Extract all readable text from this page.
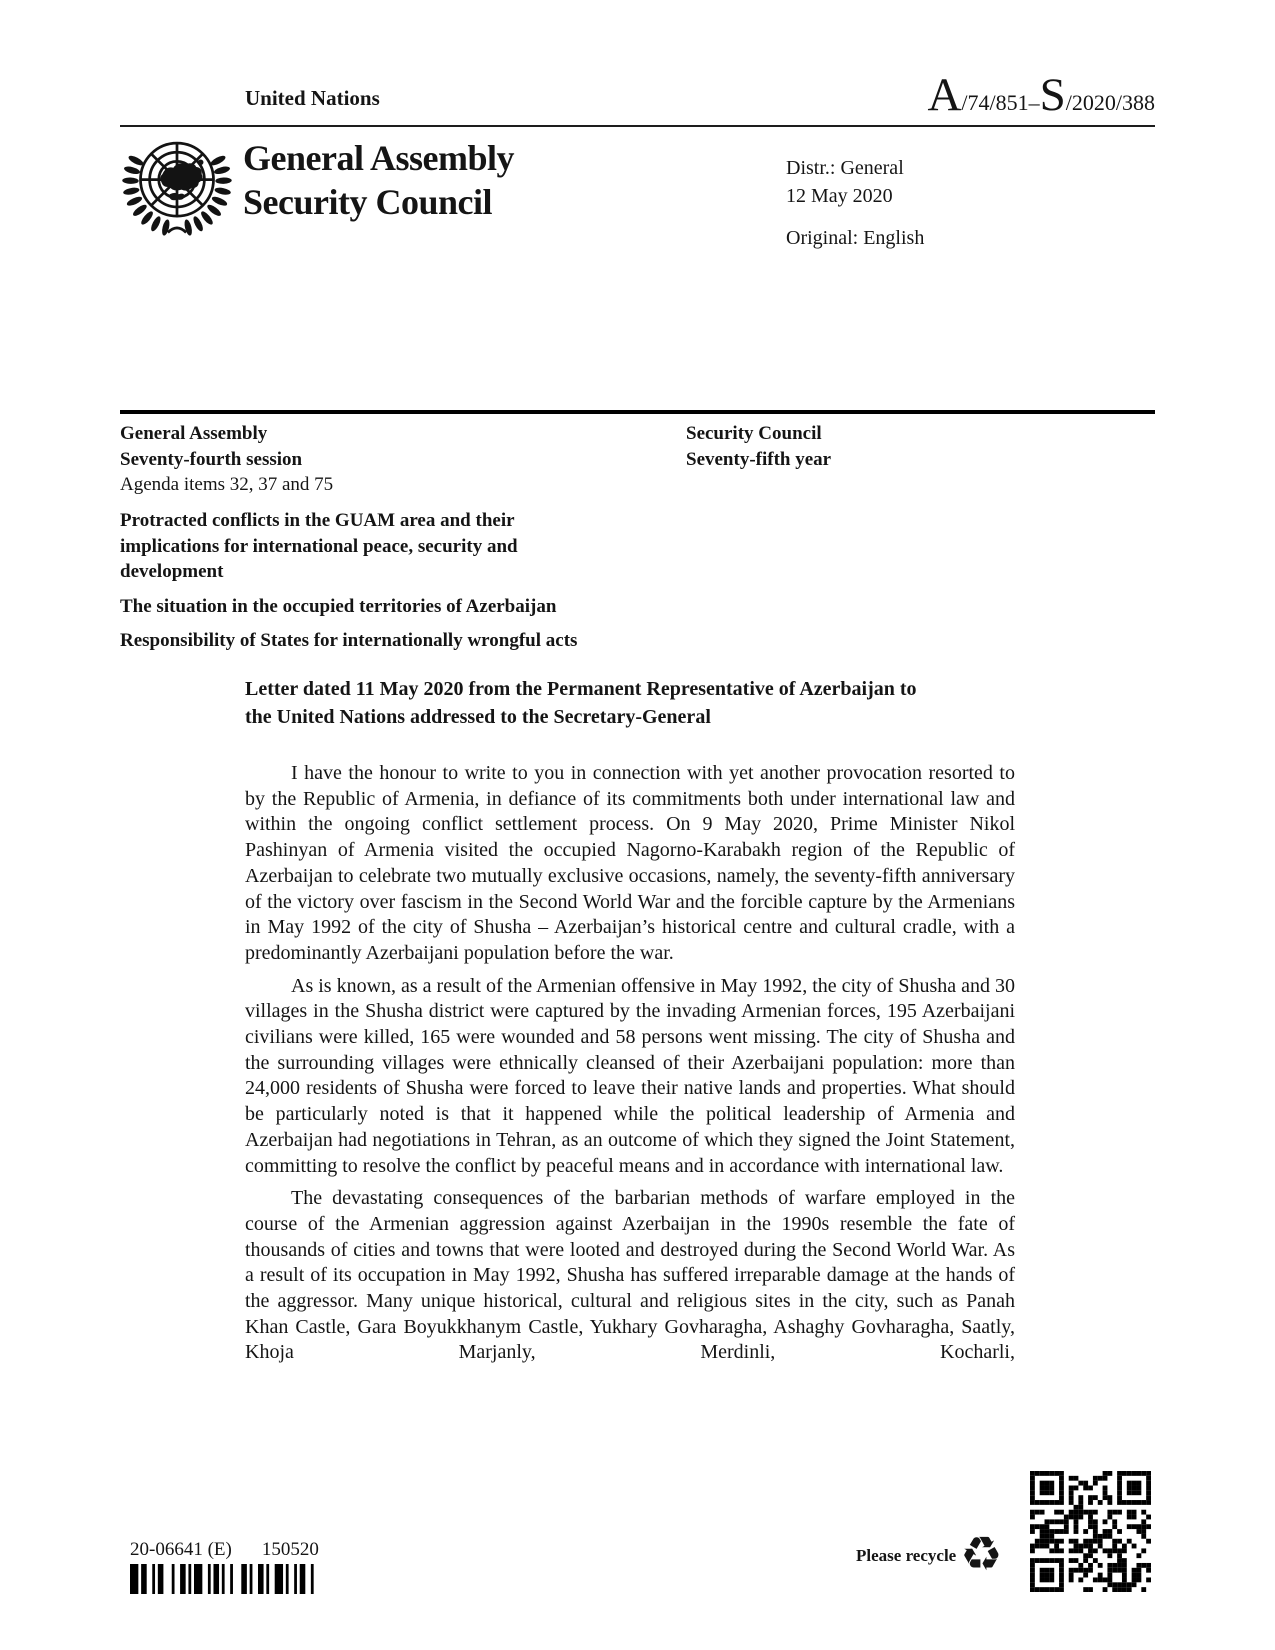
United Nations	A/74/851–S/2020/388
General Assembly
Security Council
Distr.: General
12 May 2020
Original: English
General Assembly
Seventy-fourth session
Agenda items 32, 37 and 75
Security Council
Seventy-fifth year

Protracted conflicts in the GUAM area and their implications for international peace, security and development

The situation in the occupied territories of Azerbaijan

Responsibility of States for internationally wrongful acts

Letter dated 11 May 2020 from the Permanent Representative of Azerbaijan to the United Nations addressed to the Secretary-General

I have the honour to write to you in connection with yet another provocation resorted to by the Republic of Armenia, in defiance of its commitments both under international law and within the ongoing conflict settlement process. On 9 May 2020, Prime Minister Nikol Pashinyan of Armenia visited the occupied Nagorno-Karabakh region of the Republic of Azerbaijan to celebrate two mutually exclusive occasions, namely, the seventy-fifth anniversary of the victory over fascism in the Second World War and the forcible capture by the Armenians in May 1992 of the city of Shusha – Azerbaijan’s historical centre and cultural cradle, with a predominantly Azerbaijani population before the war.

As is known, as a result of the Armenian offensive in May 1992, the city of Shusha and 30 villages in the Shusha district were captured by the invading Armenian forces, 195 Azerbaijani civilians were killed, 165 were wounded and 58 persons went missing. The city of Shusha and the surrounding villages were ethnically cleansed of their Azerbaijani population: more than 24,000 residents of Shusha were forced to leave their native lands and properties. What should be particularly noted is that it happened while the political leadership of Armenia and Azerbaijan had negotiations in Tehran, as an outcome of which they signed the Joint Statement, committing to resolve the conflict by peaceful means and in accordance with international law.

The devastating consequences of the barbarian methods of warfare employed in the course of the Armenian aggression against Azerbaijan in the 1990s resemble the fate of thousands of cities and towns that were looted and destroyed during the Second World War. As a result of its occupation in May 1992, Shusha has suffered irreparable damage at the hands of the aggressor. Many unique historical, cultural and religious sites in the city, such as Panah Khan Castle, Gara Boyukkhanym Castle, Yukhary Govharagha, Ashaghy Govharagha, Saatly, Khoja Marjanly, Merdinli, Kocharli,

20-06641 (E) 150520	Please recycle ♻
